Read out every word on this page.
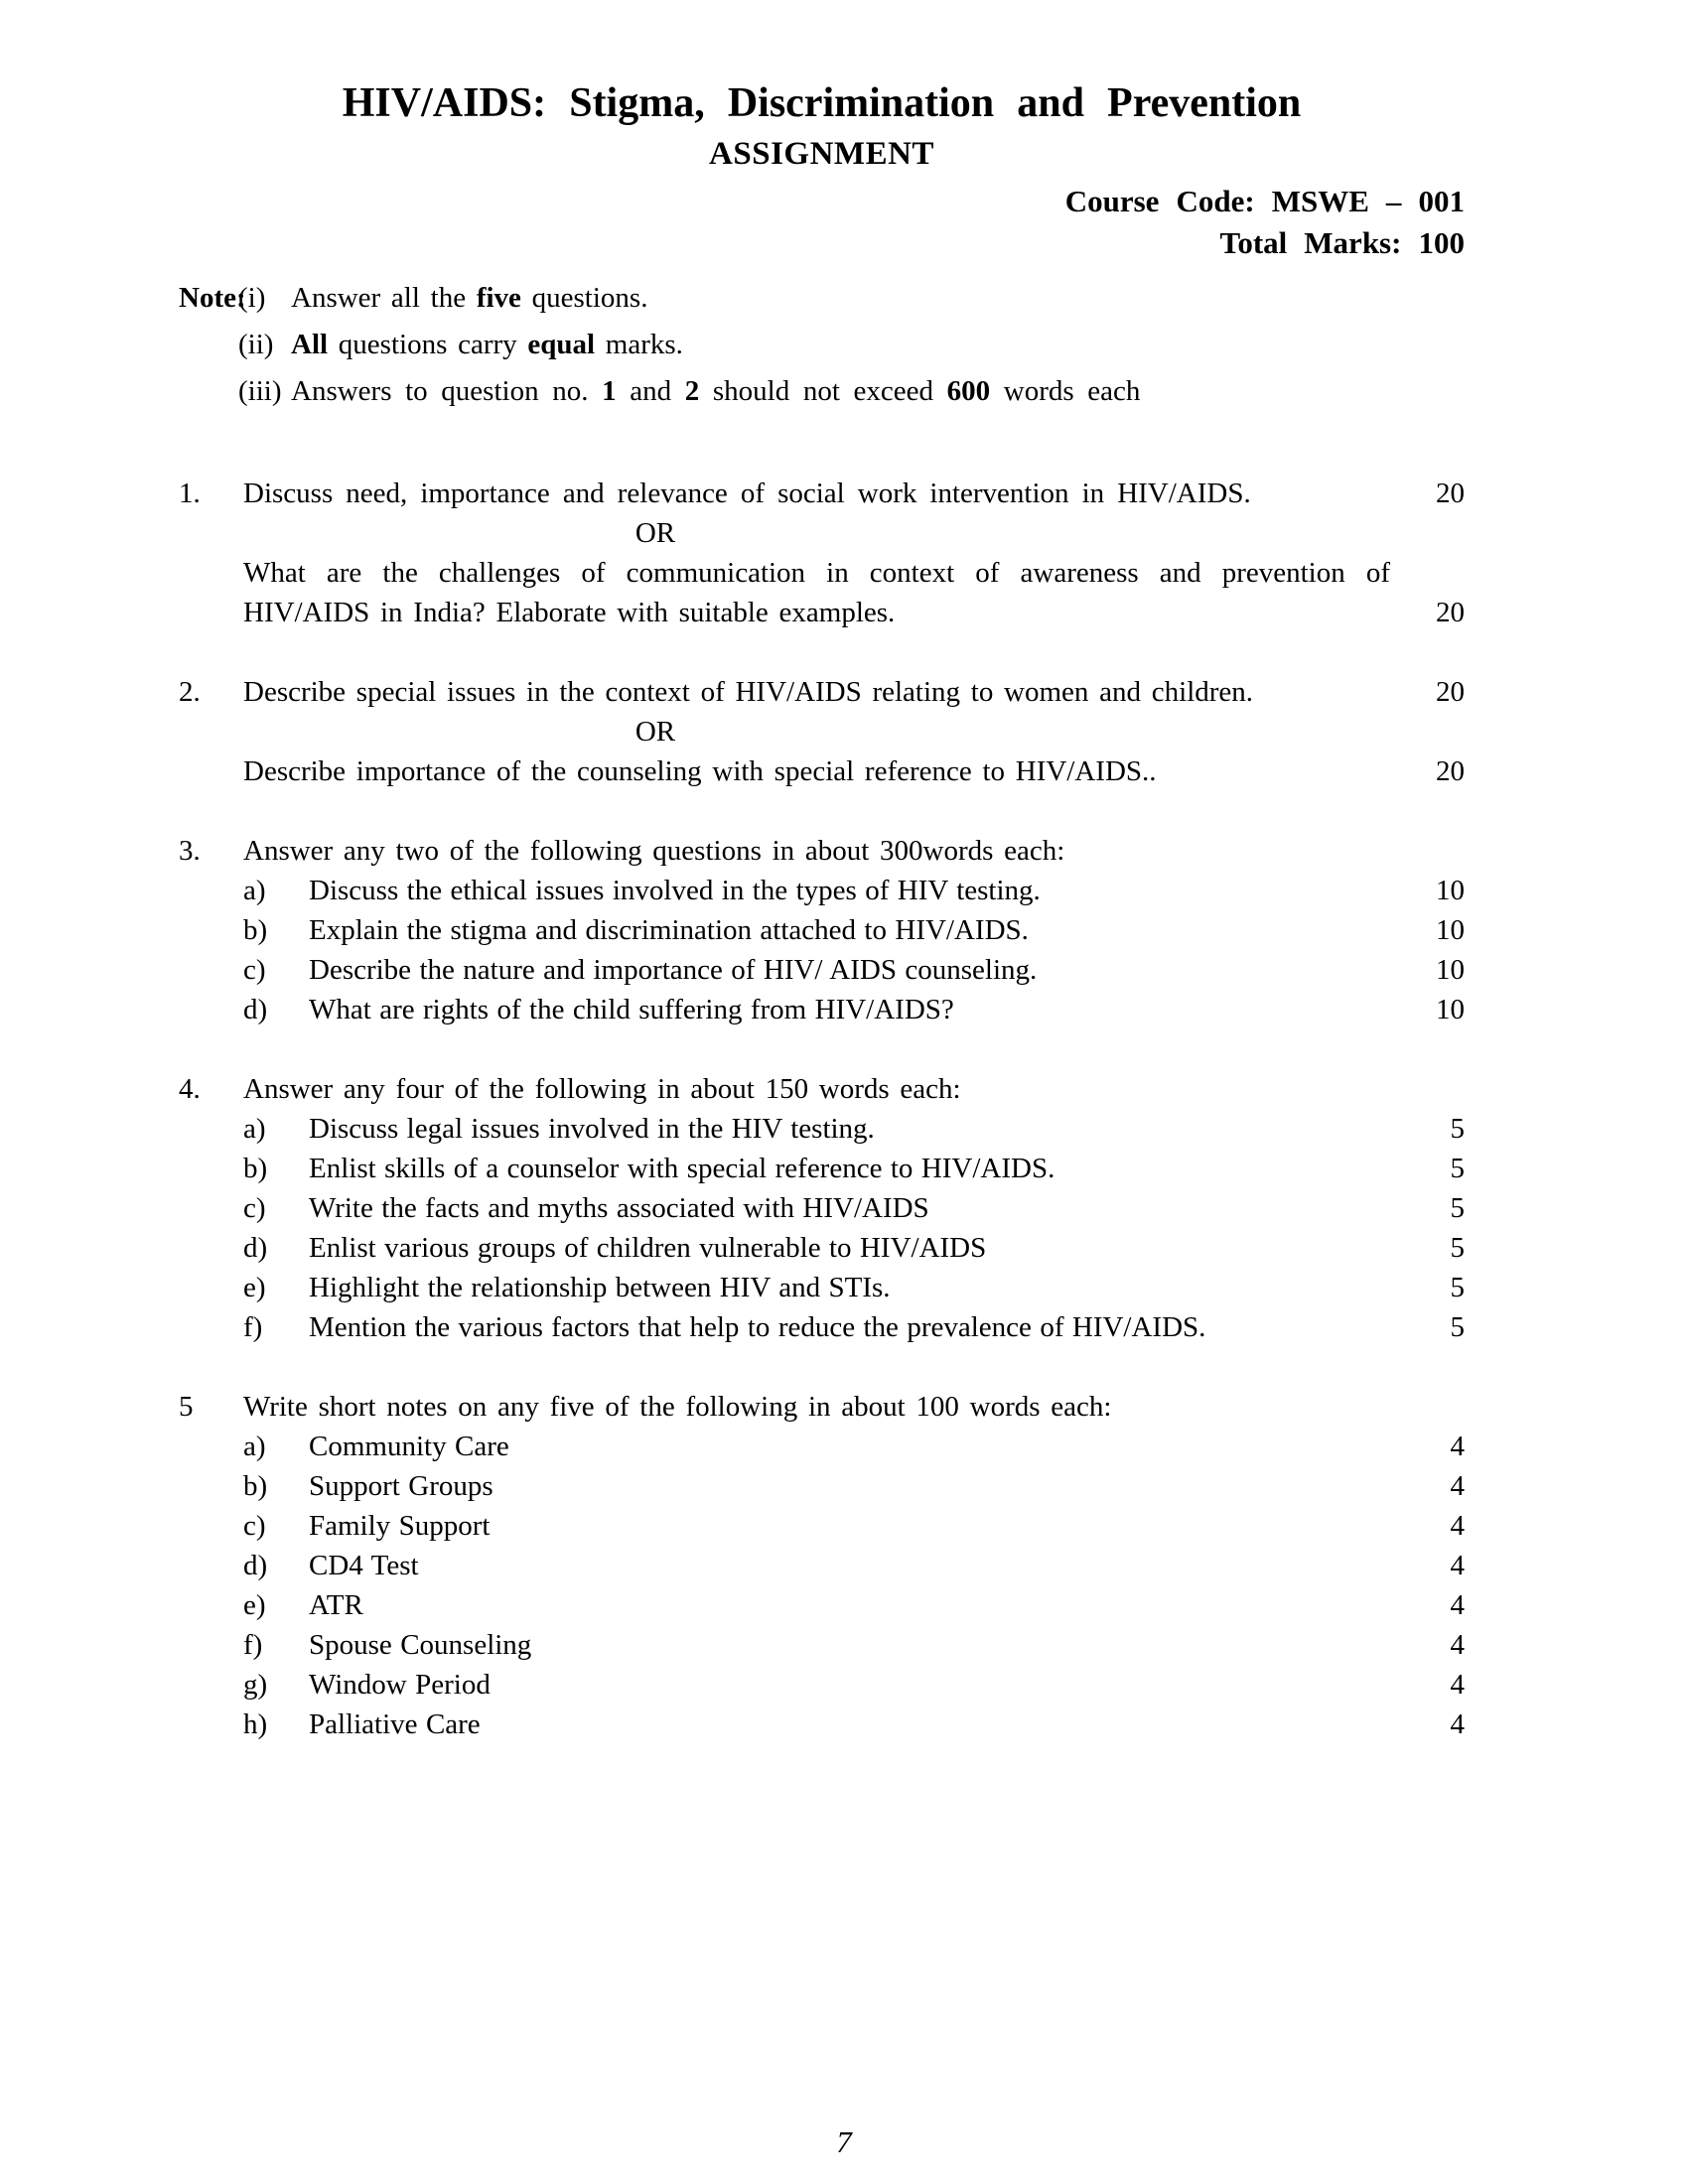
HIV/AIDS: Stigma, Discrimination and Prevention
ASSIGNMENT
Course Code: MSWE – 001
Total Marks: 100
Note:
(i) Answer all the five questions.
(ii) All questions carry equal marks.
(iii) Answers to question no. 1 and 2 should not exceed 600 words each
1.	Discuss need, importance and relevance of social work intervention in HIV/AIDS.	20
OR
What are the challenges of communication in context of awareness and prevention of
HIV/AIDS in India? Elaborate with suitable examples.	20
2.	Describe special issues in the context of HIV/AIDS relating to women and children.	20
OR
Describe importance of the counseling with special reference to HIV/AIDS..	20
3.	Answer any two of the following questions in about 300words each:
a) Discuss the ethical issues involved in the types of HIV testing.	10
b) Explain the stigma and discrimination attached to HIV/AIDS.	10
c) Describe the nature and importance of HIV/ AIDS counseling.	10
d) What are rights of the child suffering from HIV/AIDS?	10
4.	Answer any four of the following in about 150 words each:
a) Discuss legal issues involved in the HIV testing.	5
b) Enlist skills of a counselor with special reference to HIV/AIDS.	5
c) Write the facts and myths associated with HIV/AIDS	5
d) Enlist various groups of children vulnerable to HIV/AIDS	5
e) Highlight the relationship between HIV and STIs.	5
f) Mention the various factors that help to reduce the prevalence of HIV/AIDS.	5
5	Write short notes on any five of the following in about 100 words each:
a) Community Care	4
b) Support Groups	4
c) Family Support	4
d) CD4 Test	4
e) ATR	4
f) Spouse Counseling	4
g) Window Period	4
h) Palliative Care	4
7
